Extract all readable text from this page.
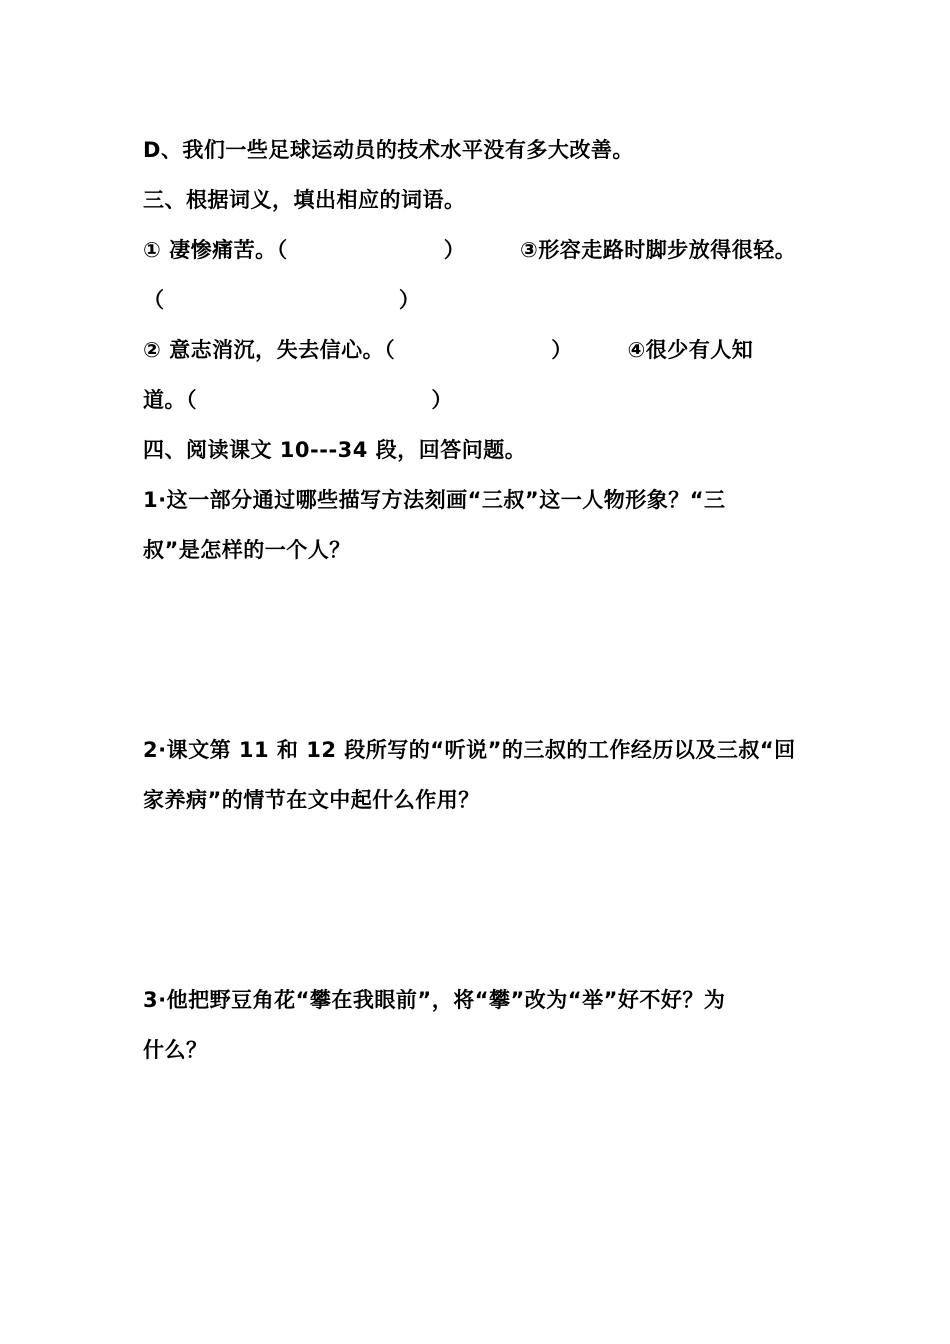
D、我们一些足球运动员的技术水平没有多大改善。
三、根据词义，填出相应的词语。
① 凄惨痛苦。（                    ）       ③形容走路时脚步放得很轻。
（                              ）
② 意志消沉，失去信心。（                    ）       ④很少有人知
道。（                              ）
四、阅读课文 10---34 段，回答问题。
1·这一部分通过哪些描写方法刻画“三叔”这一人物形象？“三
叔”是怎样的一个人？
2·课文第 11 和 12 段所写的“听说”的三叔的工作经历以及三叔“回
家养病”的情节在文中起什么作用？
3·他把野豆角花“攀在我眼前”，将“攀”改为“举”好不好？为
什么？
